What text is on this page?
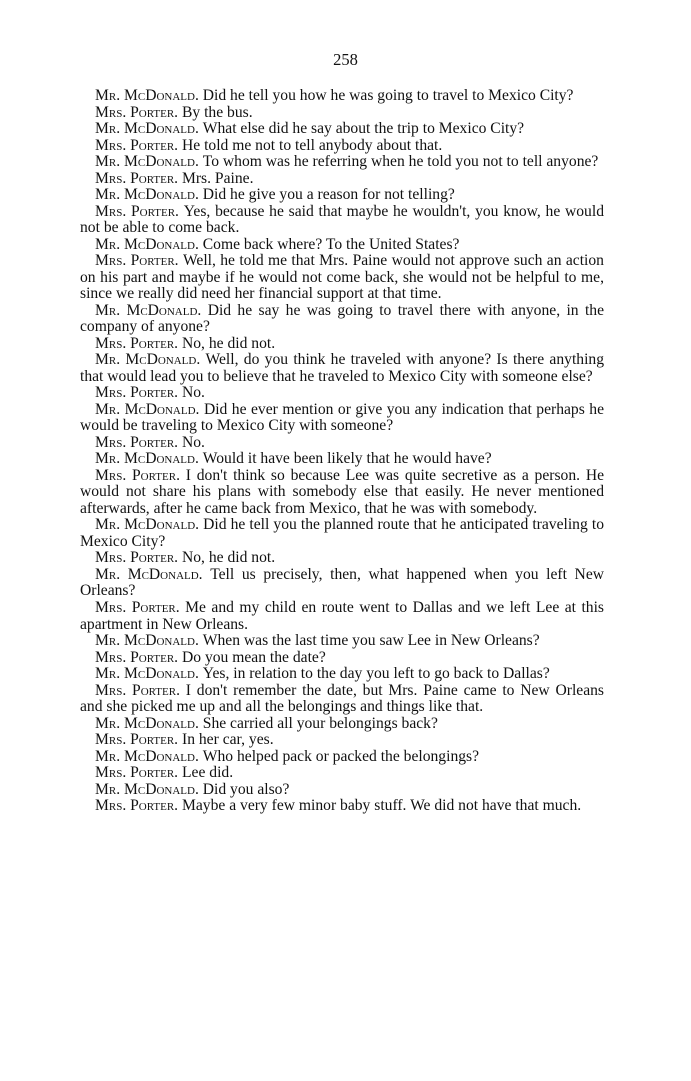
258

Mr. McDonald. Did he tell you how he was going to travel to Mexico City?

Mrs. Porter. By the bus.

Mr. McDonald. What else did he say about the trip to Mexico City?

Mrs. Porter. He told me not to tell anybody about that.

Mr. McDonald. To whom was he referring when he told you not to tell anyone?

Mrs. Porter. Mrs. Paine.

Mr. McDonald. Did he give you a reason for not telling?

Mrs. Porter. Yes, because he said that maybe he wouldn't, you know, he would not be able to come back.

Mr. McDonald. Come back where? To the United States?

Mrs. Porter. Well, he told me that Mrs. Paine would not approve such an action on his part and maybe if he would not come back, she would not be helpful to me, since we really did need her financial support at that time.

Mr. McDonald. Did he say he was going to travel there with anyone, in the company of anyone?

Mrs. Porter. No, he did not.

Mr. McDonald. Well, do you think he traveled with anyone? Is there anything that would lead you to believe that he traveled to Mexico City with someone else?

Mrs. Porter. No.

Mr. McDonald. Did he ever mention or give you any indication that perhaps he would be traveling to Mexico City with someone?

Mrs. Porter. No.

Mr. McDonald. Would it have been likely that he would have?

Mrs. Porter. I don't think so because Lee was quite secretive as a person. He would not share his plans with somebody else that easily. He never mentioned afterwards, after he came back from Mexico, that he was with somebody.

Mr. McDonald. Did he tell you the planned route that he anticipated traveling to Mexico City?

Mrs. Porter. No, he did not.

Mr. McDonald. Tell us precisely, then, what happened when you left New Orleans?

Mrs. Porter. Me and my child en route went to Dallas and we left Lee at this apartment in New Orleans.

Mr. McDonald. When was the last time you saw Lee in New Orleans?

Mrs. Porter. Do you mean the date?

Mr. McDonald. Yes, in relation to the day you left to go back to Dallas?

Mrs. Porter. I don't remember the date, but Mrs. Paine came to New Orleans and she picked me up and all the belongings and things like that.

Mr. McDonald. She carried all your belongings back?

Mrs. Porter. In her car, yes.

Mr. McDonald. Who helped pack or packed the belongings?

Mrs. Porter. Lee did.

Mr. McDonald. Did you also?

Mrs. Porter. Maybe a very few minor baby stuff. We did not have that much.
